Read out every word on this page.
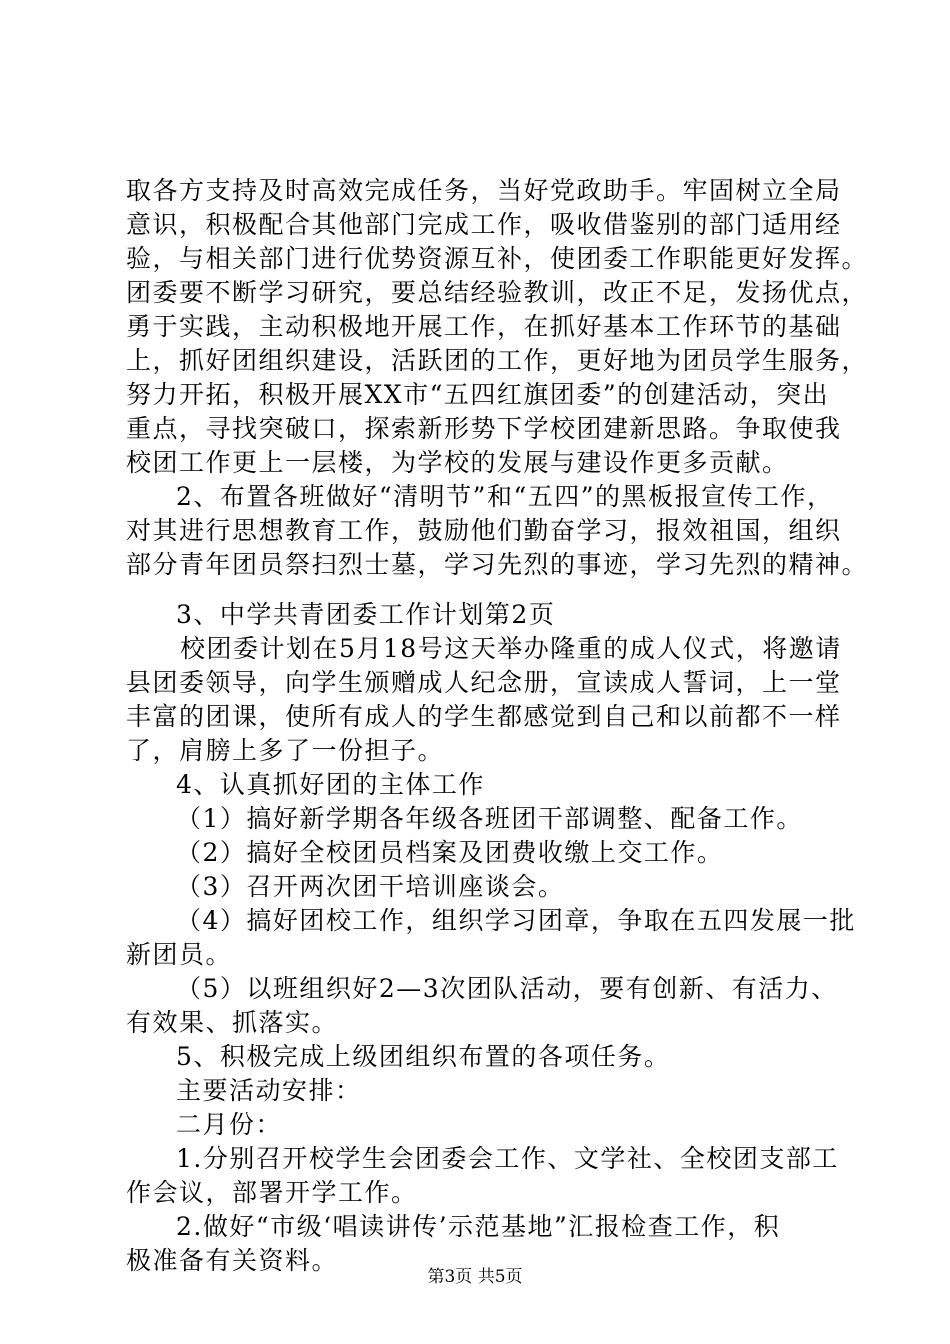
取各方支持及时高效完成任务，当好党政助手。牢固树立全局
意识，积极配合其他部门完成工作，吸收借鉴别的部门适用经
验，与相关部门进行优势资源互补，使团委工作职能更好发挥。
团委要不断学习研究，要总结经验教训，改正不足，发扬优点，
勇于实践，主动积极地开展工作，在抓好基本工作环节的基础
上，抓好团组织建设，活跃团的工作，更好地为团员学生服务，
努力开拓，积极开展XX市“五四红旗团委”的创建活动，突出
重点，寻找突破口，探索新形势下学校团建新思路。争取使我
校团工作更上一层楼，为学校的发展与建设作更多贡献。
2、布置各班做好“清明节”和“五四”的黑板报宣传工作，
对其进行思想教育工作，鼓励他们勤奋学习，报效祖国，组织
部分青年团员祭扫烈士墓，学习先烈的事迹，学习先烈的精神。
3、中学共青团委工作计划第2页
校团委计划在5月18号这天举办隆重的成人仪式，将邀请
县团委领导，向学生颁赠成人纪念册，宣读成人誓词，上一堂
丰富的团课，使所有成人的学生都感觉到自己和以前都不一样
了，肩膀上多了一份担子。
4、认真抓好团的主体工作
（1）搞好新学期各年级各班团干部调整、配备工作。
（2）搞好全校团员档案及团费收缴上交工作。
（3）召开两次团干培训座谈会。
（4）搞好团校工作，组织学习团章，争取在五四发展一批
新团员。
（5）以班组织好2—3次团队活动，要有创新、有活力、
有效果、抓落实。
5、积极完成上级团组织布置的各项任务。
主要活动安排：
二月份：
1.分别召开校学生会团委会工作、文学社、全校团支部工
作会议，部署开学工作。
2.做好“市级‘唱读讲传’示范基地”汇报检查工作，积
极准备有关资料。
第3页 共5页
